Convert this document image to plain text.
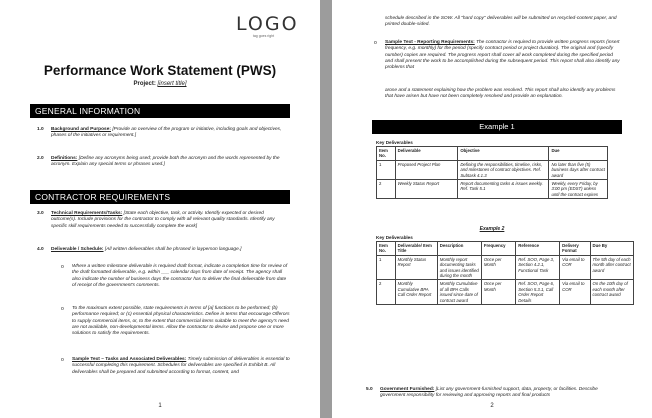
LOGO
tag goes right
Performance Work Statement (PWS)
Project: [insert title]
GENERAL INFORMATION
1.0 Background and Purpose: [Provide an overview of the program or initiative, including goals and objectives, phases of the initiatives or requirement.]
2.0 Definitions: [Define any acronyms being used; provide both the acronym and the words represented by the acronym. Explain any special terms or phrases used.]
CONTRACTOR REQUIREMENTS
3.0 Technical Requirements/Tasks: [State each objective, task, or activity. Identify expected or desired outcome(s). Include provisions for the contractor to comply with all relevant quality standards. Identify any specific skill requirements needed to successfully complete the work]
4.0 Deliverable / Schedule: [All written deliverables shall be phrased in layperson language.]
o Where a written milestone deliverable is required draft format, indicate a completion time for review of the draft formatted deliverable, e.g. within ___ calendar days from date of receipt. The agency shall also indicate the number of business days the contractor has to deliver the final deliverable from date of receipt of the government's comments.
o To the maximum extent possible, state requirements in terms of [a] functions to be performed; (b) performance required; or (c) essential physical characteristics. Define in terms that encourage Offerors to supply commercial items, or, to the extent that commercial items suitable to meet the agency's need are not available, non-developmental items. Allow the contractor to devise and propose one or more solutions to satisfy the requirements.
o Sample Text – Tasks and Associated Deliverables: Timely submission of deliverables is essential to successful completing this requirement. Schedules for deliverables are specified in Exhibit B. All deliverables shall be prepared and submitted according to format, content, and
1
schedule described in the SOW. All "hard copy" deliverables will be submitted on recycled-content paper, and printed double-sided.
o Sample Text - Reporting Requirements: The contractor is required to provide written progress reports (insert frequency, e.g. monthly) for the period (specify contract period or project duration). The original and (specify number) copies are required. The progress report shall cover all work completed during the specified period and shall present the work to be accomplished during the subsequent period. This report shall also identify any problems that
arose and a statement explaining how the problem was resolved. This report shall also identify any problems that have arisen but have not been completely resolved and provide an explanation.
Example 1
Key Deliverables
Item No.	Deliverable	Objective	Due
1	Proposed Project Plan	Defining the responsibilities, timeline, risks, and milestones of contract objectives. Ref. Subtask 4.1.3	No later than five (5) business days after contract award
2	Weekly Status Report	Report documenting tasks & issues weekly. Ref. Task 5.1	Weekly, every Friday, by 3:00 pm (EDST) unless until the contract expires
Example 2
Key Deliverables
Item No.	Deliverable/ Item Title	Description	Frequency	Reference	Delivery Format	Due By
1	Monthly Status Report	Monthly report documenting tasks and issues identified during the month	Once per Month	Ref. SOO, Page 3, Section 4.2.1, Functional Task	Via email to COR	The 5th day of each month after contract award
2	Monthly Cumulative BPA Call Order Report	Monthly Cumulative of all BPA Calls issued since date of contract award	Once per Month	Ref. SOO, Page 6, Section 5.3.1, Call Order Report Details	Via email to COR	On the 10th day of each month after contract award
5.0 Government Furnished: [List any government-furnished support, data, property, or facilities. Describe government responsibility for reviewing and approving reports and final products
2
